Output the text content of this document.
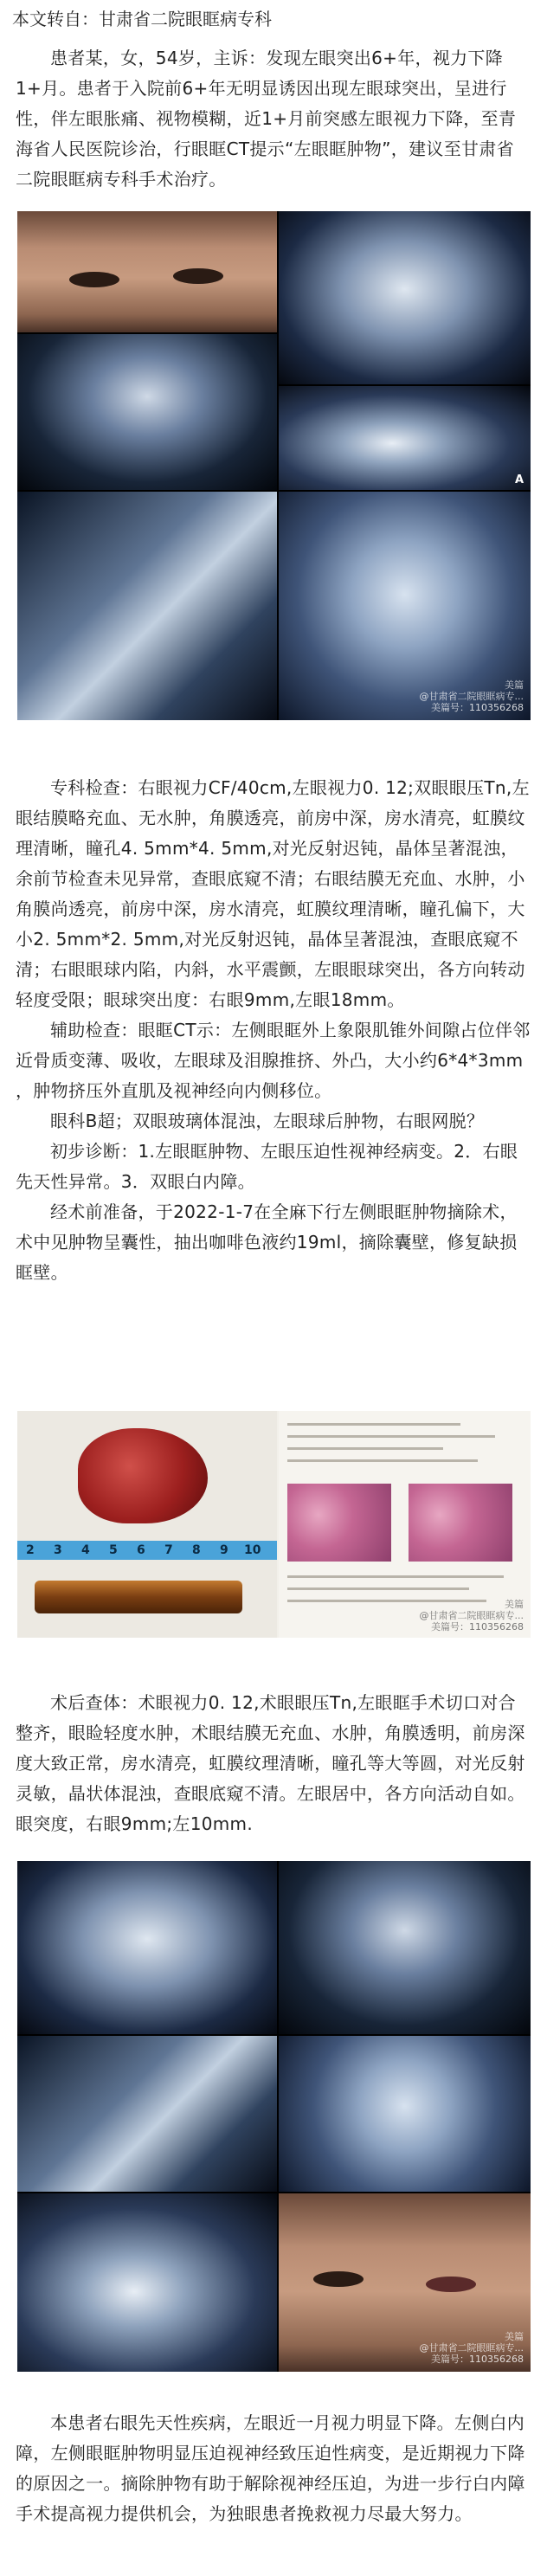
本文转自：甘肃省二院眼眶病专科

患者某，女，54岁，主诉：发现左眼突出6+年，视力下降1+月。患者于入院前6+年无明显诱因出现左眼球突出，呈进行性，伴左眼胀痛、视物模糊，近1+月前突感左眼视力下降，至青海省人民医院诊治，行眼眶CT提示“左眼眶肿物”，建议至甘肃省二院眼眶病专科手术治疗。

A
美篇
@甘肃省二院眼眶病专...
美篇号：110356268

专科检查：右眼视力CF/40cm,左眼视力0. 12;双眼眼压Tn,左眼结膜略充血、无水肿，角膜透亮，前房中深，房水清亮，虹膜纹理清晰，瞳孔4. 5mm*4. 5mm,对光反射迟钝，晶体呈著混浊，余前节检查未见异常，查眼底窥不清；右眼结膜无充血、水肿，小角膜尚透亮，前房中深，房水清亮，虹膜纹理清晰，瞳孔偏下，大小2. 5mm*2. 5mm,对光反射迟钝，晶体呈著混浊，查眼底窥不清；右眼眼球内陷，内斜，水平震颤，左眼眼球突出，各方向转动轻度受限；眼球突出度：右眼9mm,左眼18mm。

辅助检查：眼眶CT示：左侧眼眶外上象限肌锥外间隙占位伴邻近骨质变薄、吸收，左眼球及泪腺推挤、外凸，大小约6*4*3mm ，肿物挤压外直肌及视神经向内侧移位。

眼科B超；双眼玻璃体混浊，左眼球后肿物，右眼网脱？

初步诊断：1.左眼眶肿物、左眼压迫性视神经病变。2．右眼先天性异常。3．双眼白内障。

经术前准备，于2022-1-7在全麻下行左侧眼眶肿物摘除术，术中见肿物呈囊性，抽出咖啡色液约19ml，摘除囊壁，修复缺损眶壁。

2 3 4 5 6 7 8 9 10
美篇
@甘肃省二院眼眶病专...
美篇号：110356268

术后查体：术眼视力0. 12,术眼眼压Tn,左眼眶手术切口对合整齐，眼睑轻度水肿，术眼结膜无充血、水肿，角膜透明，前房深度大致正常，房水清亮，虹膜纹理清晰，瞳孔等大等圆，对光反射灵敏，晶状体混浊，查眼底窥不清。左眼居中，各方向活动自如。眼突度，右眼9mm;左10mm.

美篇
@甘肃省二院眼眶病专...
美篇号：110356268

本患者右眼先天性疾病，左眼近一月视力明显下降。左侧白内障，左侧眼眶肿物明显压迫视神经致压迫性病变，是近期视力下降的原因之一。摘除肿物有助于解除视神经压迫，为进一步行白内障手术提高视力提供机会，为独眼患者挽救视力尽最大努力。
